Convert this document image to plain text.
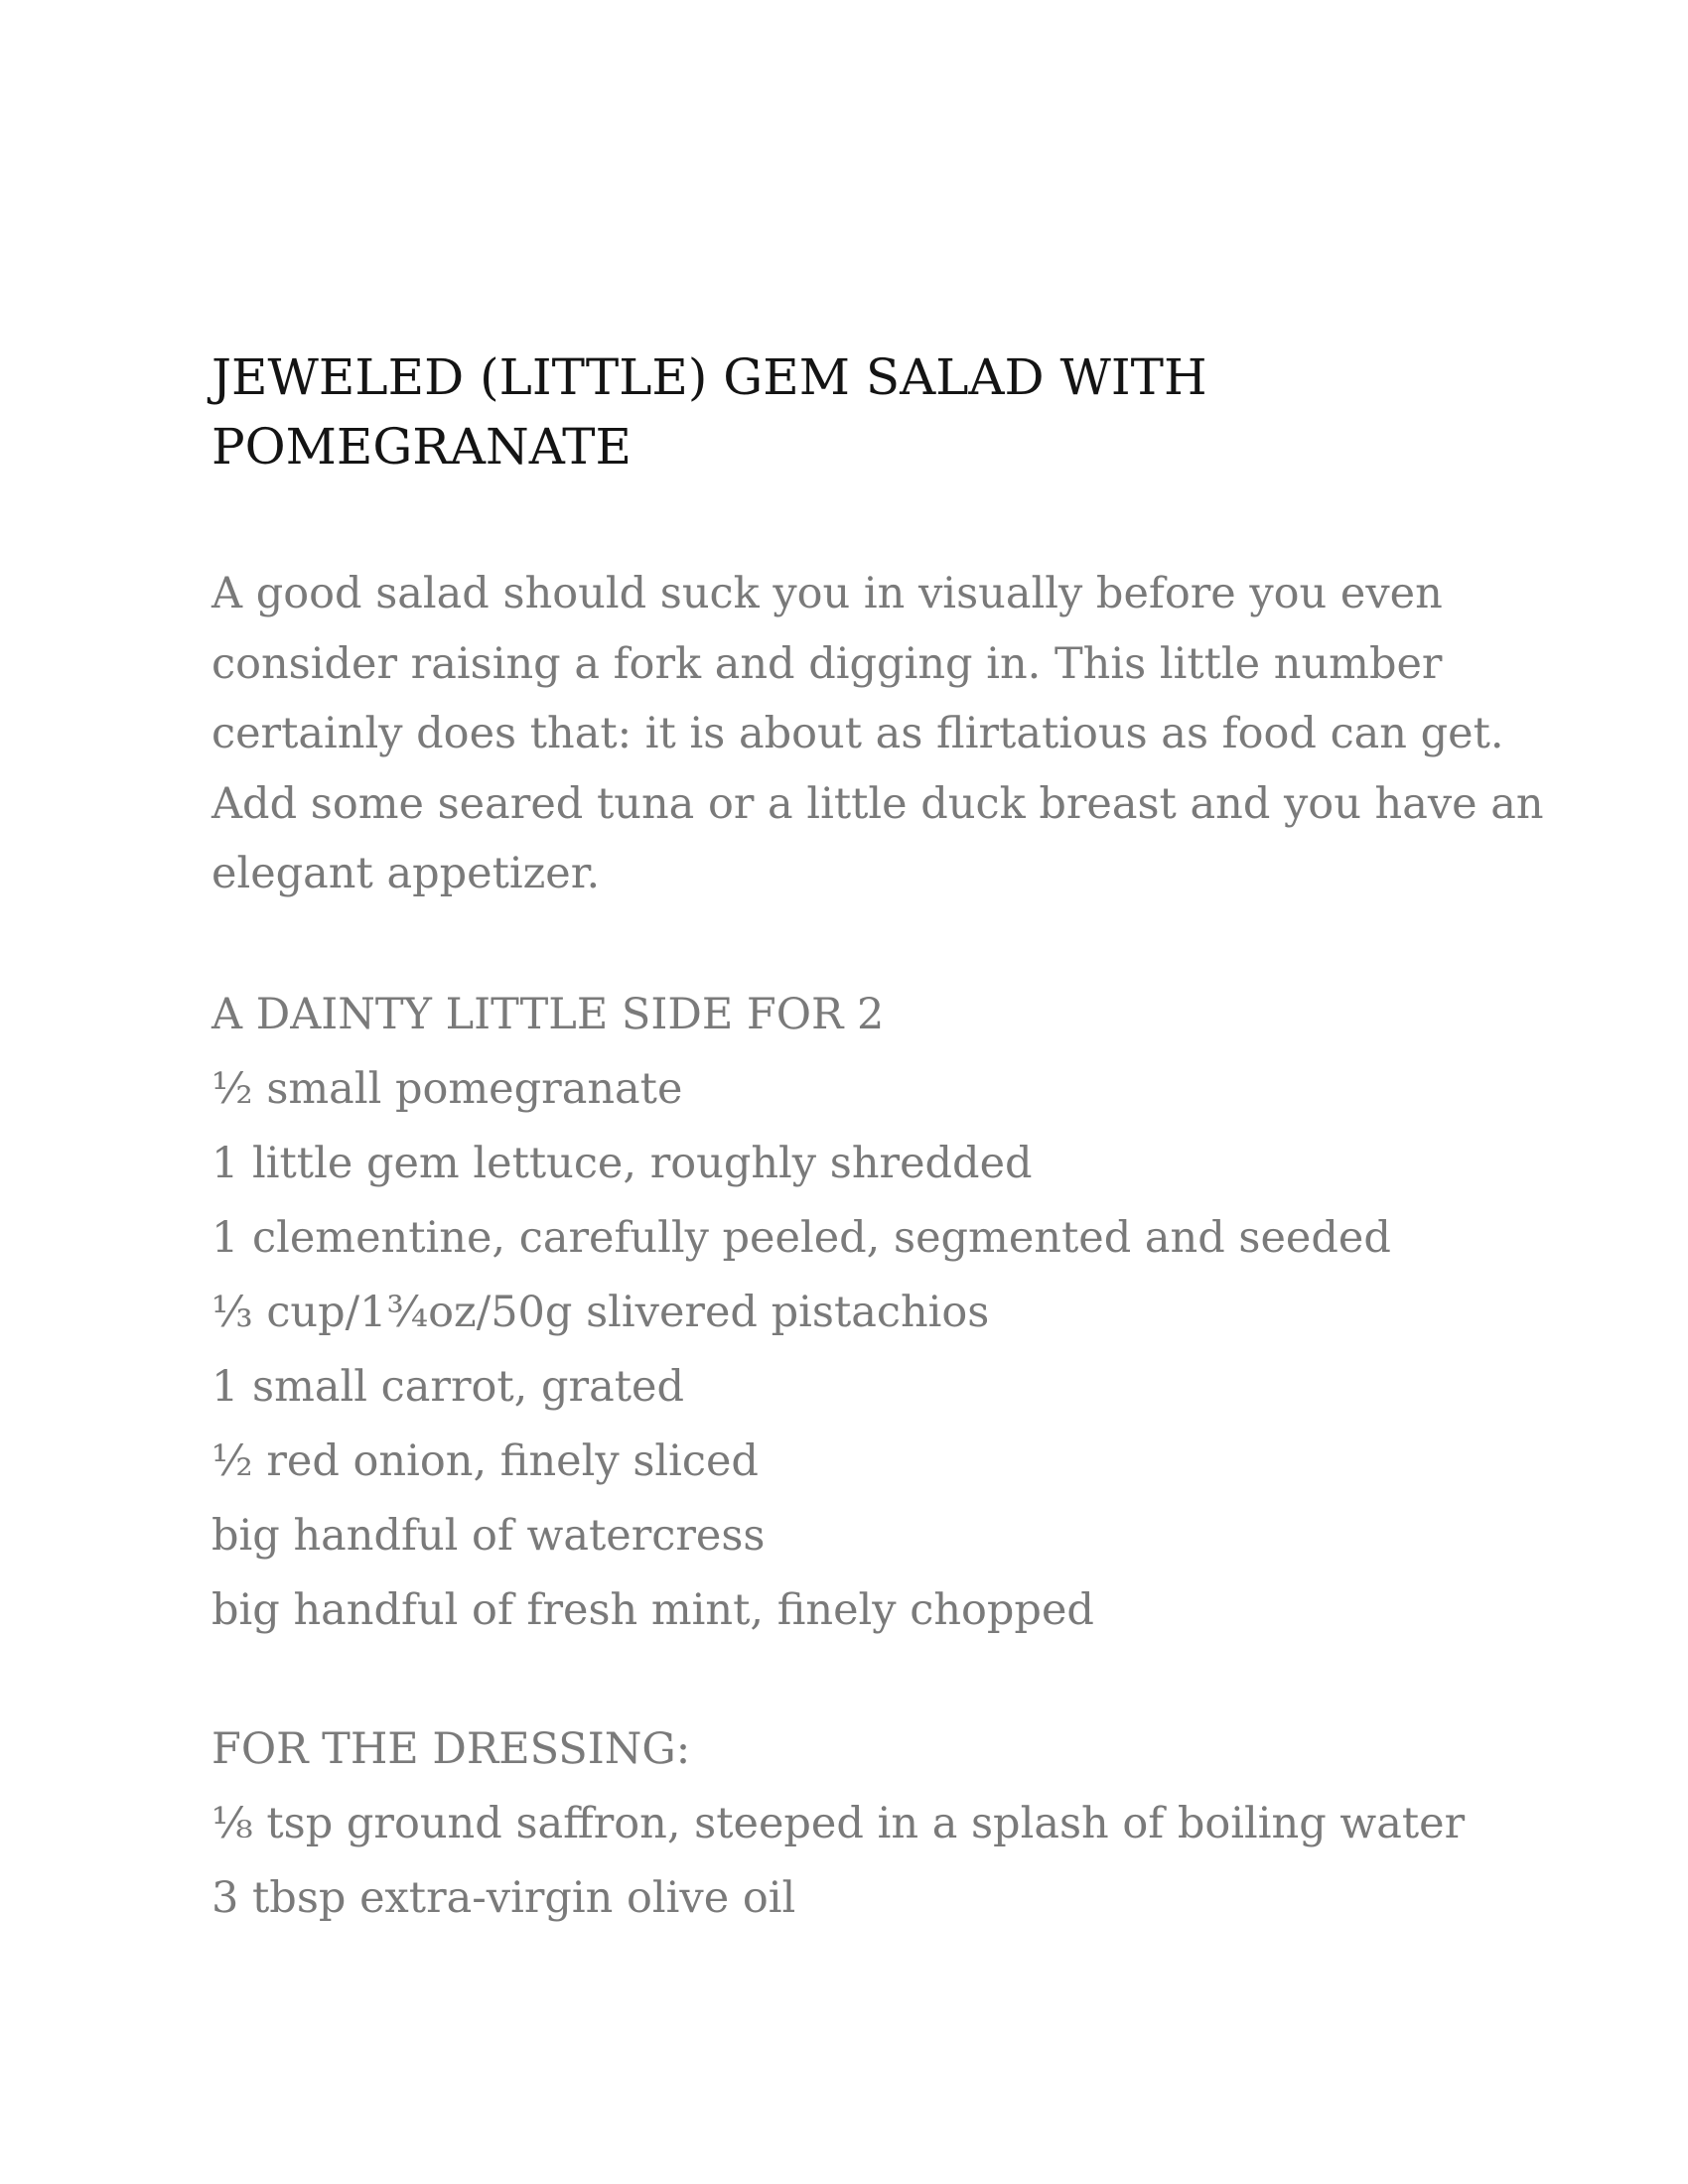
JEWELED (LITTLE) GEM SALAD WITH
POMEGRANATE

A good salad should suck you in visually before you even
consider raising a fork and digging in. This little number
certainly does that: it is about as flirtatious as food can get.
Add some seared tuna or a little duck breast and you have an
elegant appetizer.

A DAINTY LITTLE SIDE FOR 2
½ small pomegranate
1 little gem lettuce, roughly shredded
1 clementine, carefully peeled, segmented and seeded
⅓ cup/1¾oz/50g slivered pistachios
1 small carrot, grated
½ red onion, finely sliced
big handful of watercress
big handful of fresh mint, finely chopped
FOR THE DRESSING:
⅛ tsp ground saffron, steeped in a splash of boiling water
3 tbsp extra-virgin olive oil
